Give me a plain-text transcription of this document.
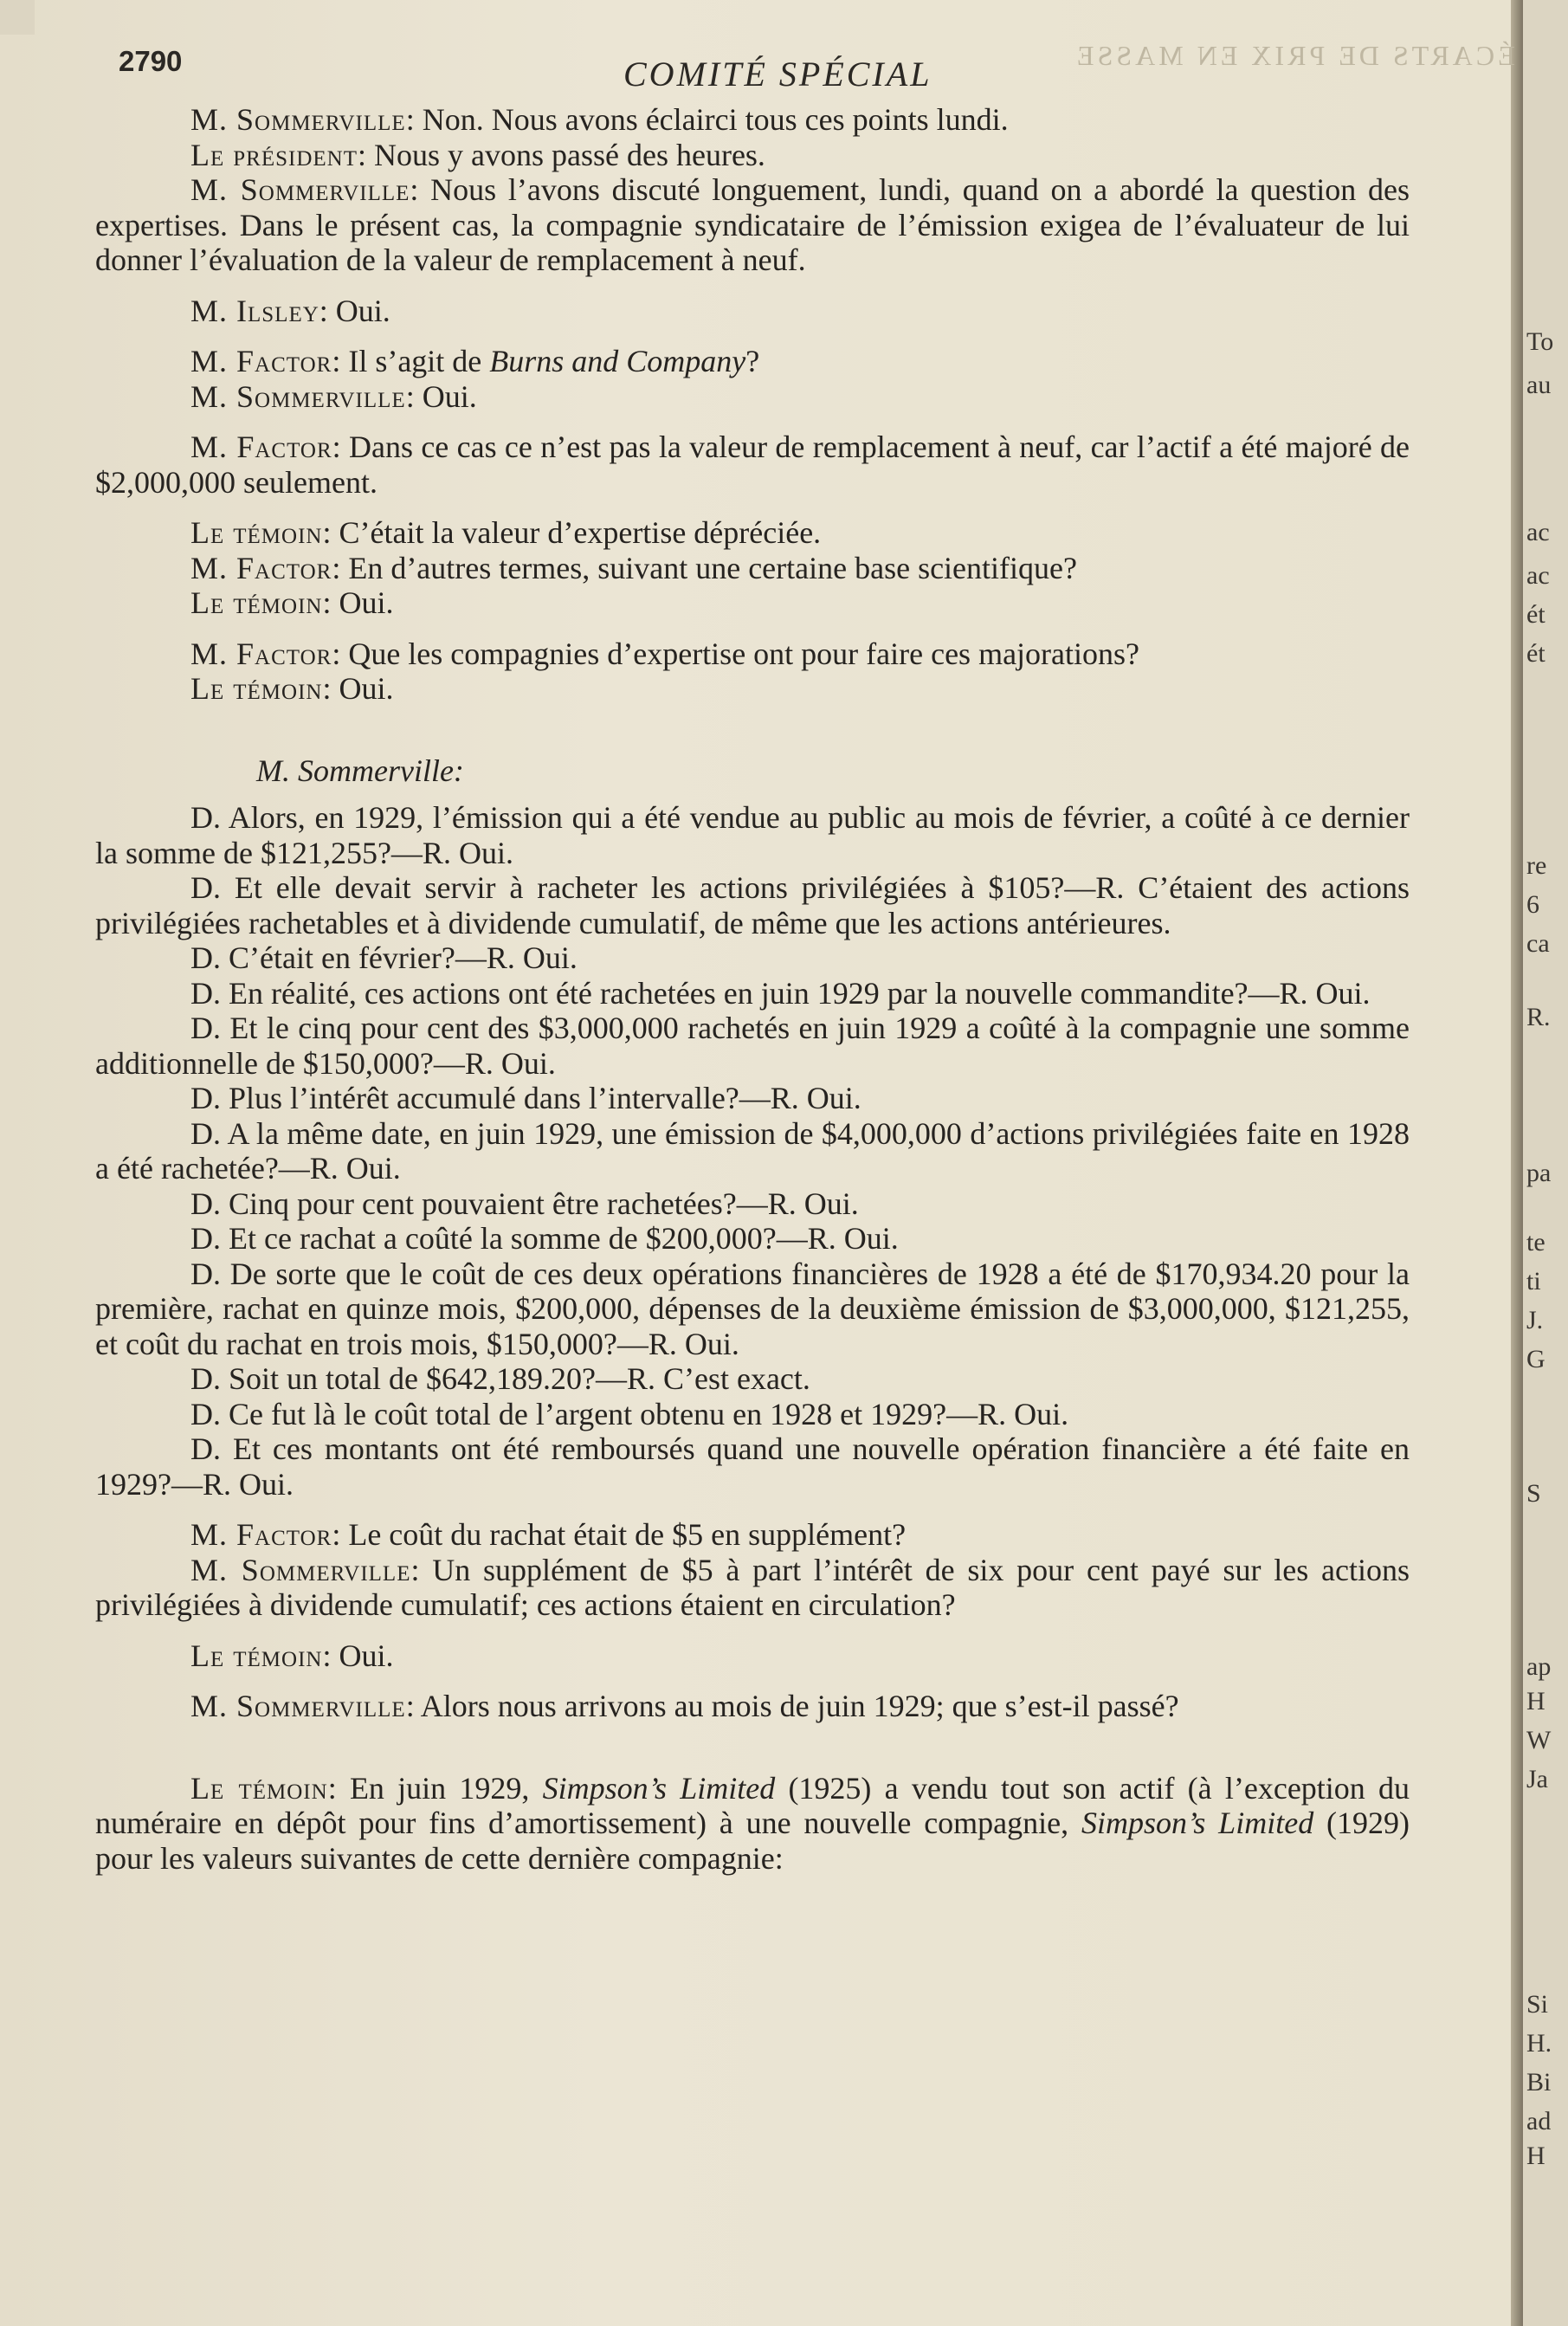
To
au
ac
ac
ét
ét
re
6
ca
R.
pa
te
ti
J.
G
S
ap
H
W
Ja
Si
H.
Bi
ad
H
ÉCARTS DE PRIX EN MASSE
2790	COMITÉ SPÉCIAL

M. Sommerville: Non. Nous avons éclairci tous ces points lundi.

Le président: Nous y avons passé des heures.

M. Sommerville: Nous l’avons discuté longuement, lundi, quand on a abordé la question des expertises. Dans le présent cas, la compagnie syndicataire de l’émission exigea de l’évaluateur de lui donner l’évaluation de la valeur de remplacement à neuf.

M. Ilsley: Oui.

M. Factor: Il s’agit de Burns and Company?

M. Sommerville: Oui.

M. Factor: Dans ce cas ce n’est pas la valeur de remplacement à neuf, car l’actif a été majoré de $2,000,000 seulement.

Le témoin: C’était la valeur d’expertise dépréciée.

M. Factor: En d’autres termes, suivant une certaine base scientifique?

Le témoin: Oui.

M. Factor: Que les compagnies d’expertise ont pour faire ces majorations?

Le témoin: Oui.

M. Sommerville:

D. Alors, en 1929, l’émission qui a été vendue au public au mois de février, a coûté à ce dernier la somme de $121,255?—R. Oui.

D. Et elle devait servir à racheter les actions privilégiées à $105?—R. C’étaient des actions privilégiées rachetables et à dividende cumulatif, de même que les actions antérieures.

D. C’était en février?—R. Oui.

D. En réalité, ces actions ont été rachetées en juin 1929 par la nouvelle commandite?—R. Oui.

D. Et le cinq pour cent des $3,000,000 rachetés en juin 1929 a coûté à la compagnie une somme additionnelle de $150,000?—R. Oui.

D. Plus l’intérêt accumulé dans l’intervalle?—R. Oui.

D. A la même date, en juin 1929, une émission de $4,000,000 d’actions privilégiées faite en 1928 a été rachetée?—R. Oui.

D. Cinq pour cent pouvaient être rachetées?—R. Oui.

D. Et ce rachat a coûté la somme de $200,000?—R. Oui.

D. De sorte que le coût de ces deux opérations financières de 1928 a été de $170,934.20 pour la première, rachat en quinze mois, $200,000, dépenses de la deuxième émission de $3,000,000, $121,255, et coût du rachat en trois mois, $150,000?—R. Oui.

D. Soit un total de $642,189.20?—R. C’est exact.

D. Ce fut là le coût total de l’argent obtenu en 1928 et 1929?—R. Oui.

D. Et ces montants ont été remboursés quand une nouvelle opération financière a été faite en 1929?—R. Oui.

M. Factor: Le coût du rachat était de $5 en supplément?

M. Sommerville: Un supplément de $5 à part l’intérêt de six pour cent payé sur les actions privilégiées à dividende cumulatif; ces actions étaient en circulation?

Le témoin: Oui.

M. Sommerville: Alors nous arrivons au mois de juin 1929; que s’est-il passé?

Le témoin: En juin 1929, Simpson’s Limited (1925) a vendu tout son actif (à l’exception du numéraire en dépôt pour fins d’amortissement) à une nouvelle compagnie, Simpson’s Limited (1929) pour les valeurs suivantes de cette dernière compagnie:
